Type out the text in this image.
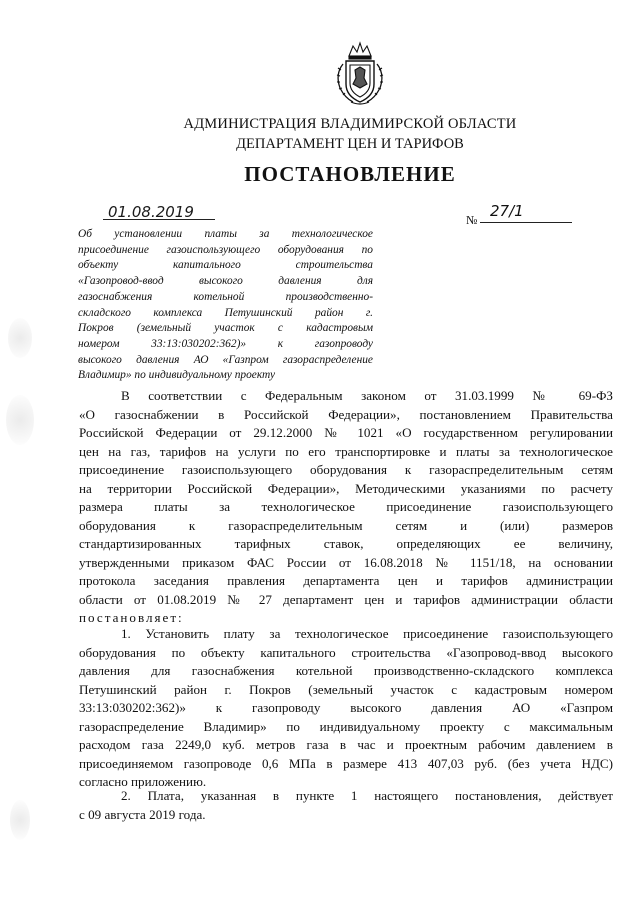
АДМИНИСТРАЦИЯ ВЛАДИМИРСКОЙ ОБЛАСТИ
ДЕПАРТАМЕНТ ЦЕН И ТАРИФОВ
ПОСТАНОВЛЕНИЕ
01.08.2019	№ 27/1
Об установлении платы за технологическое
присоединение газоиспользующего оборудования по
объекту капитального строительства
«Газопровод-ввод высокого давления для
газоснабжения котельной производственно-
складского комплекса Петушинский район г.
Покров (земельный участок с кадастровым
номером 33:13:030202:362)» к газопроводу
высокого давления АО «Газпром газораспределение
Владимир» по индивидуальному проекту
В соответствии с Федеральным законом от 31.03.1999 № 69-ФЗ
«О газоснабжении в Российской Федерации», постановлением Правительства
Российской Федерации от 29.12.2000 № 1021 «О государственном регулировании
цен на газ, тарифов на услуги по его транспортировке и платы за технологическое
присоединение газоиспользующего оборудования к газораспределительным сетям
на территории Российской Федерации», Методическими указаниями по расчету
размера платы за технологическое присоединение газоиспользующего
оборудования к газораспределительным сетям и (или) размеров
стандартизированных тарифных ставок, определяющих ее величину,
утвержденными приказом ФАС России от 16.08.2018 № 1151/18, на основании
протокола заседания правления департамента цен и тарифов администрации
области от 01.08.2019 № 27 департамент цен и тарифов администрации области
постановляет:
1. Установить плату за технологическое присоединение газоиспользующего
оборудования по объекту капитального строительства «Газопровод-ввод высокого
давления для газоснабжения котельной производственно-складского комплекса
Петушинский район г. Покров (земельный участок с кадастровым номером
33:13:030202:362)» к газопроводу высокого давления АО «Газпром
газораспределение Владимир» по индивидуальному проекту с максимальным
расходом газа 2249,0 куб. метров газа в час и проектным рабочим давлением в
присоединяемом газопроводе 0,6 МПа в размере 413 407,03 руб. (без учета НДС)
согласно приложению.
2. Плата, указанная в пункте 1 настоящего постановления, действует
с 09 августа 2019 года.
